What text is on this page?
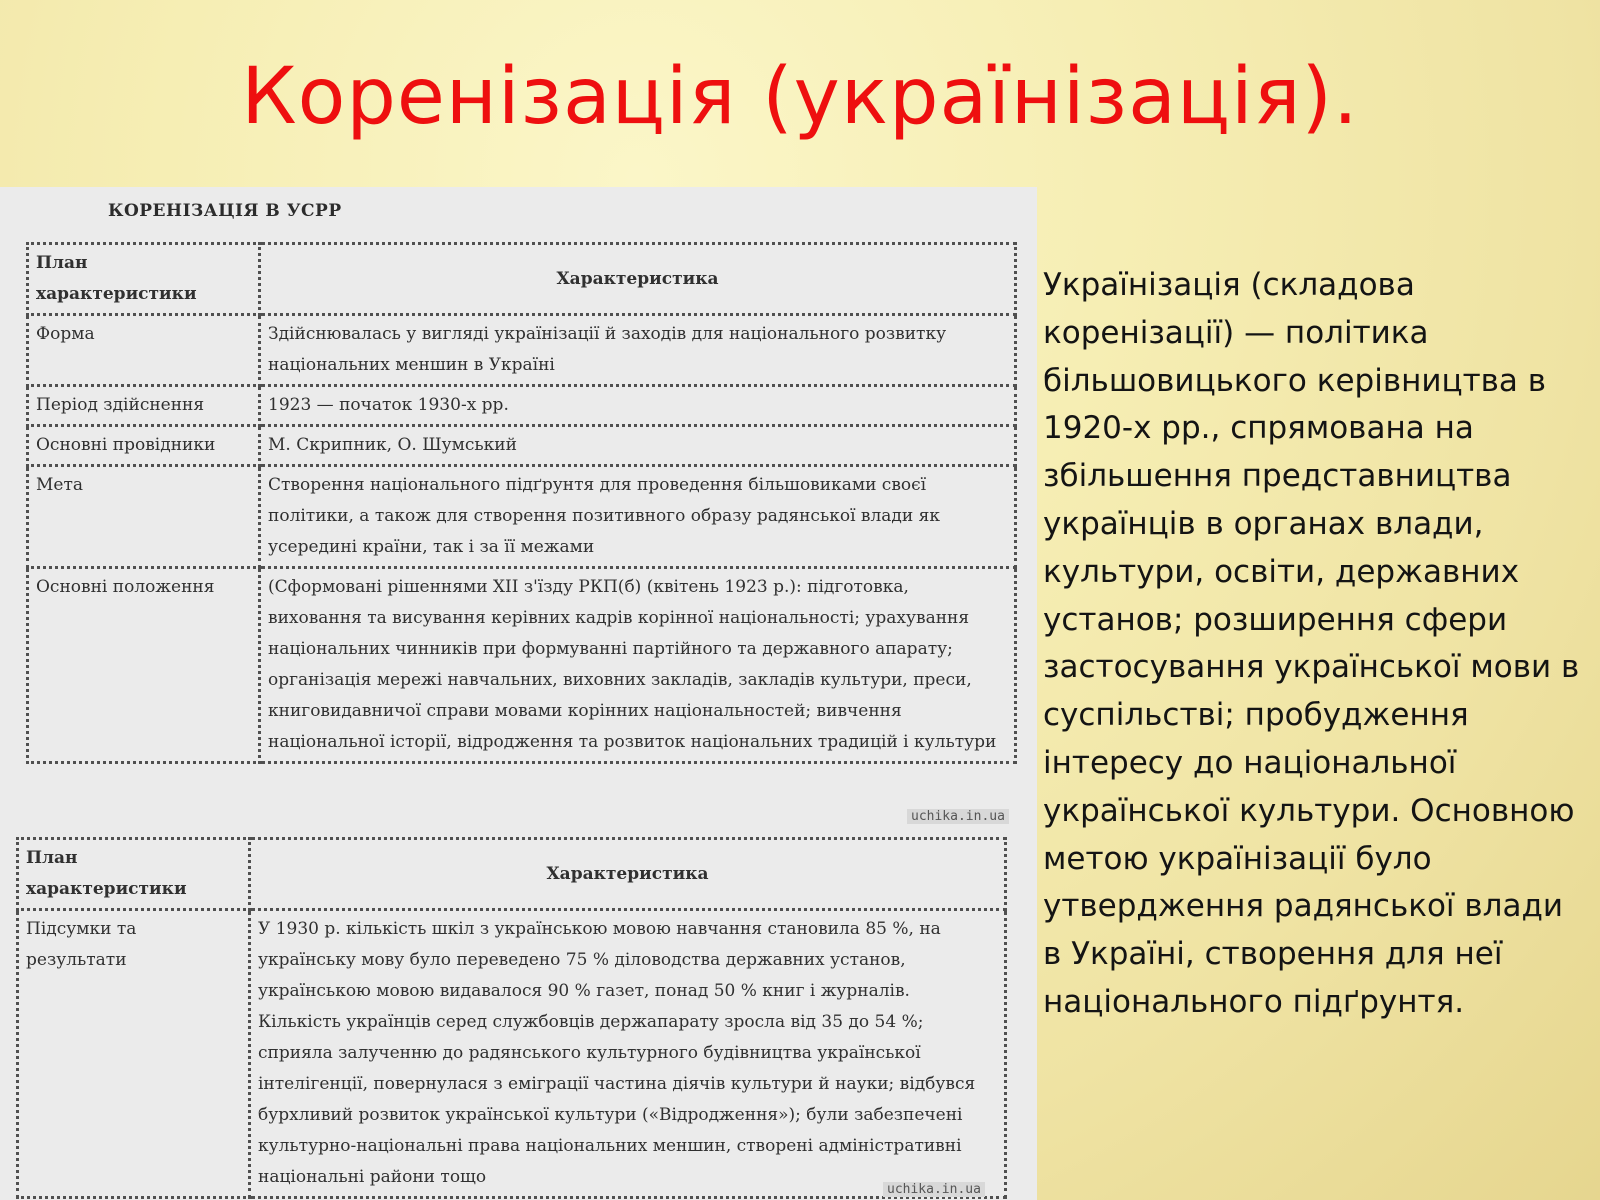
Коренізація (українізація).
КОРЕНІЗАЦІЯ В УСРР
План характеристики	Характеристика
Форма	Здійснювалась у вигляді українізації й заходів для національного розвитку національних меншин в Україні
Період здійснення	1923 — початок 1930-х рр.
Основні провідники	М. Скрипник, О. Шумський
Мета	Створення національного підґрунтя для проведення більшовиками своєї політики, а також для створення позитивного образу радянської влади як усередині країни, так і за її межами
Основні положення	(Сформовані рішеннями XII з'їзду РКП(б) (квітень 1923 р.): підготовка, виховання та висування керівних кадрів корінної національності; урахування національних чинників при формуванні партійного та державного апарату; організація мережі навчальних, виховних закладів, закладів культури, преси, книговидавничої справи мовами корінних національностей; вивчення національної історії, відродження та розвиток національних традицій і культури
uchika.in.ua
План характеристики	Характеристика
Підсумки та результати	У 1930 р. кількість шкіл з українською мовою навчання становила 85 %, на українську мову було переведено 75 % діловодства державних установ, українською мовою видавалося 90 % газет, понад 50 % книг і журналів. Кількість українців серед службовців держапарату зросла від 35 до 54 %; сприяла залученню до радянського культурного будівництва української інтелігенції, повернулася з еміграції частина діячів культури й науки; відбувся бурхливий розвиток української культури («Відродження»); були забезпечені культурно-національні права національних меншин, створені адміністративні національні райони тощо
uchika.in.ua

Українізація (складова коренізації) — політика більшовицького керівництва в 1920-х рр., спрямована на збільшення представництва українців в органах влади, культури, освіти, державних установ; розширення сфери застосування української мови в суспільстві; пробудження інтересу до національної української культури. Основною метою українізації було утвердження радянської влади в Україні, створення для неї національного підґрунтя.
